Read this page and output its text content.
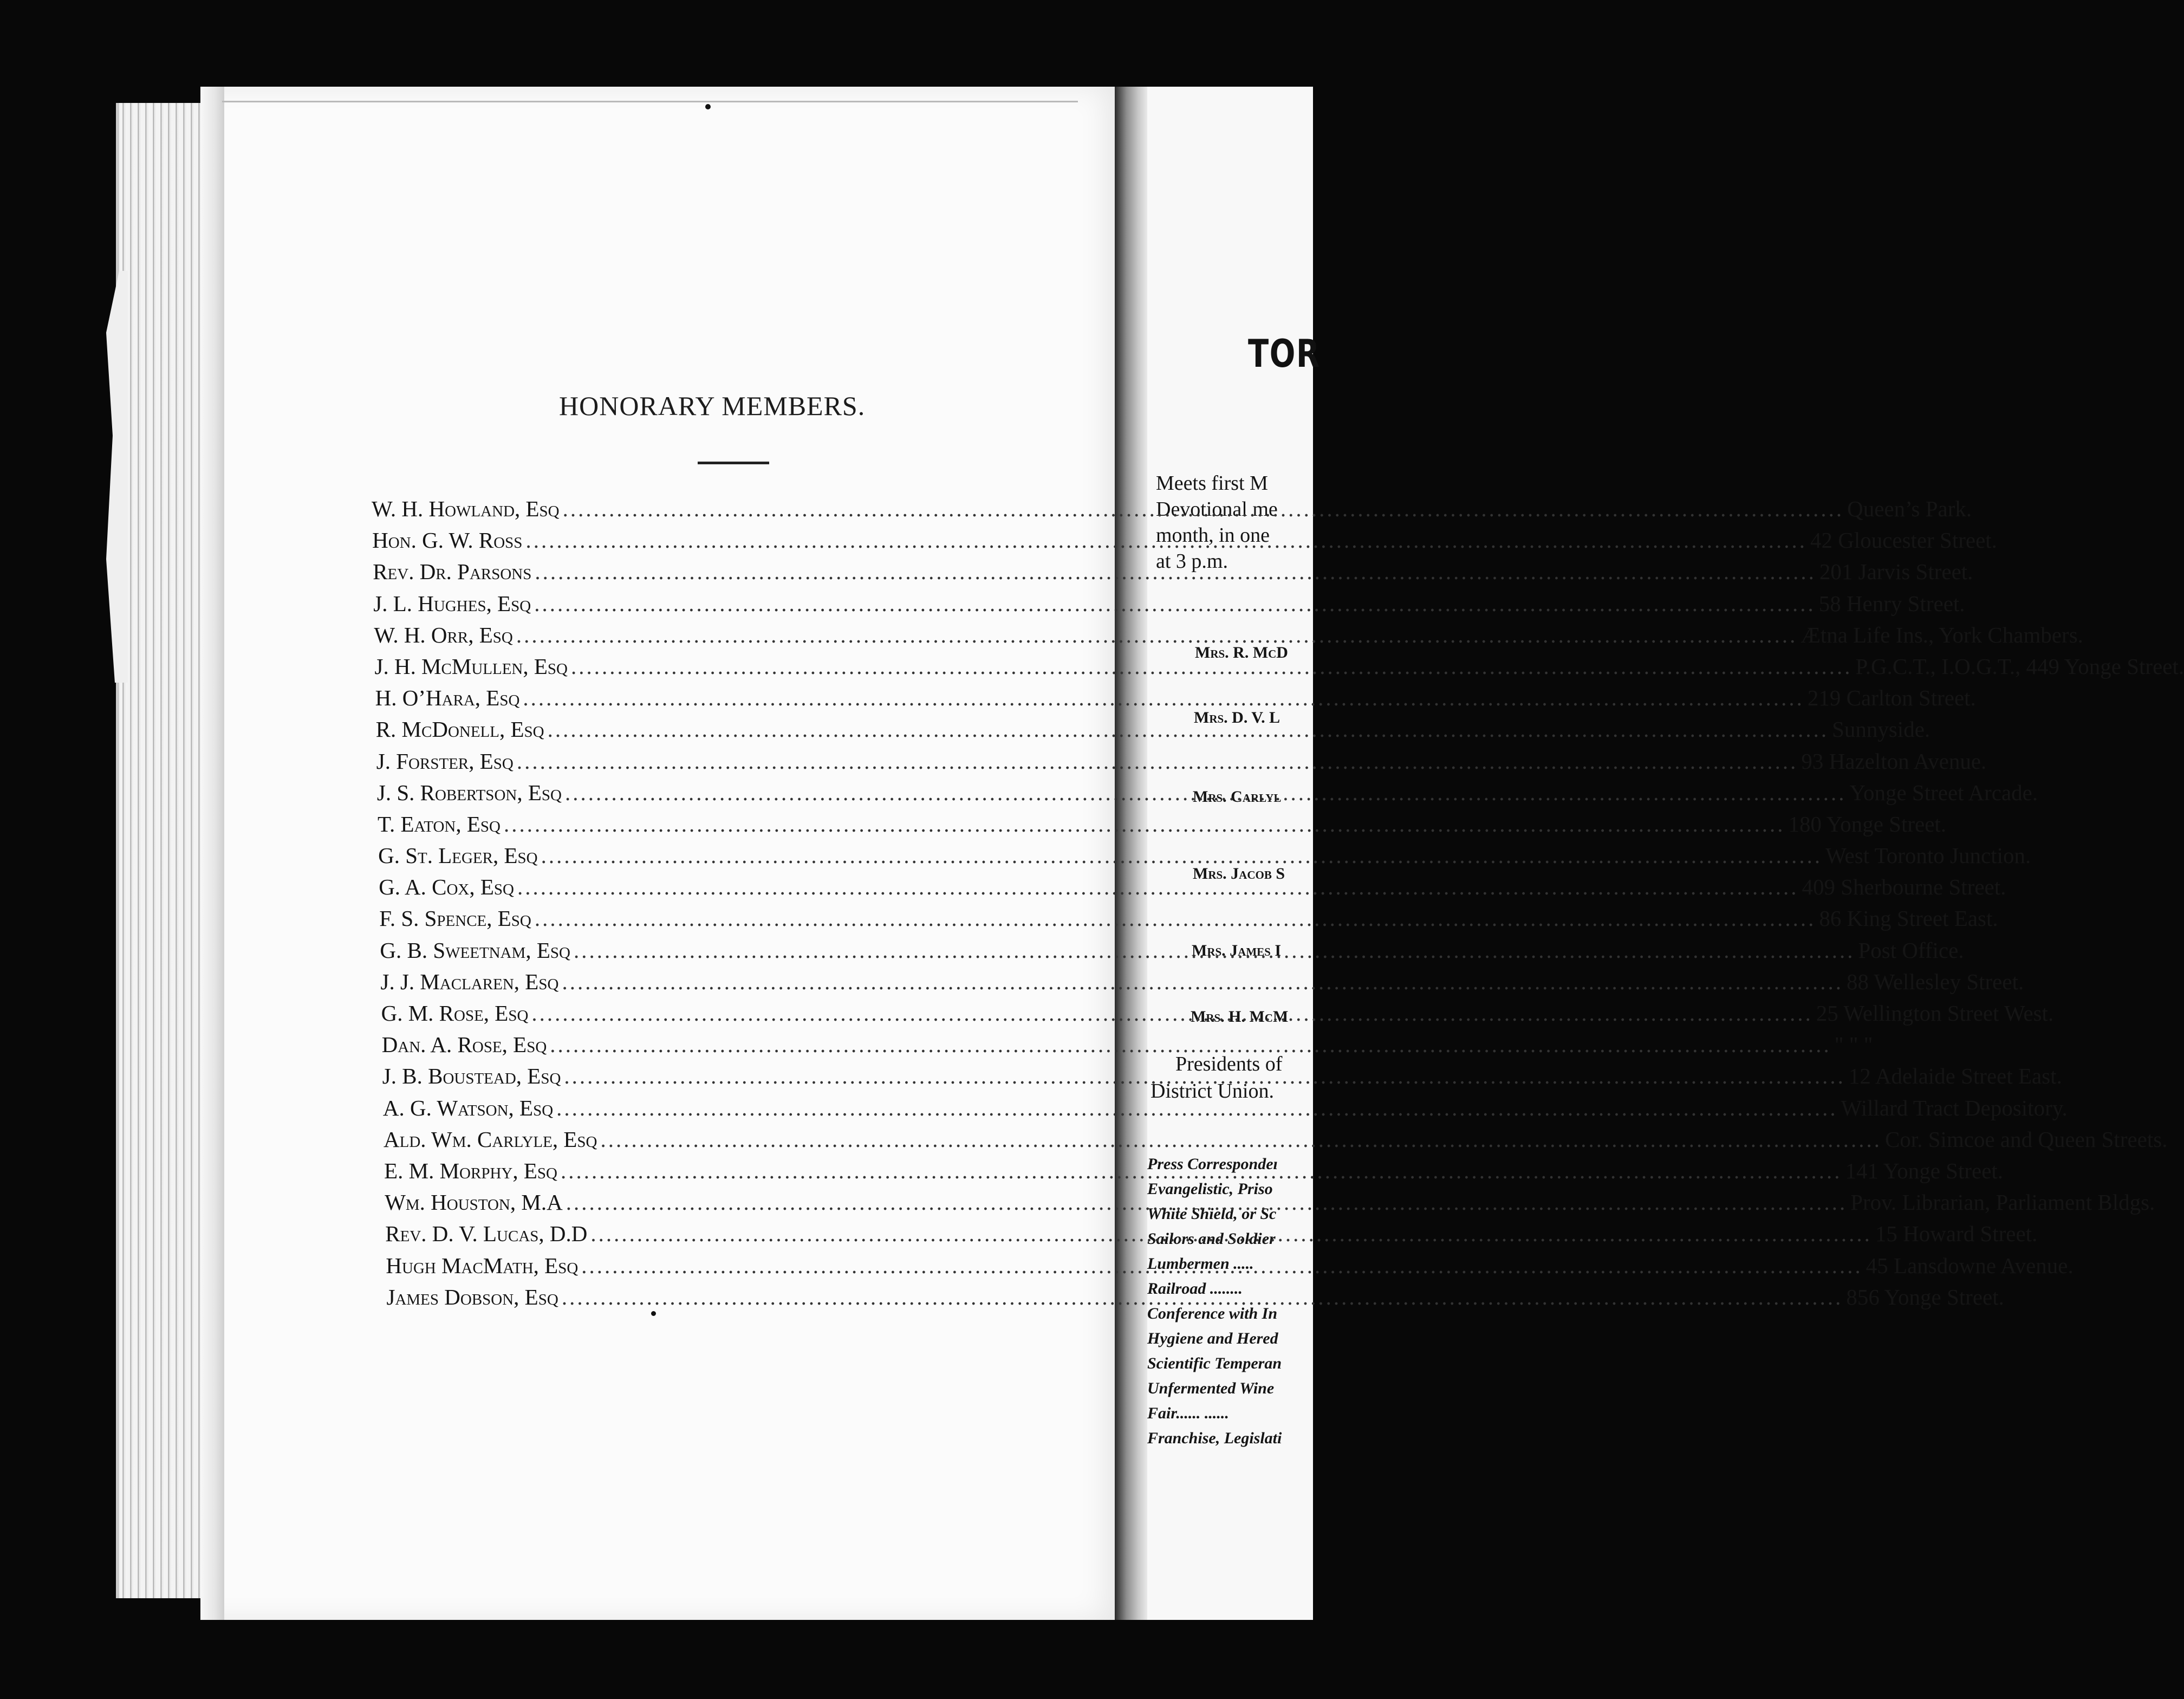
TOR
Meets first M
Devotional me
month, in one
at 3 p.m.
Mrs. R. McD
Mrs. D. V. L
Mrs. Carlyl
Mrs. Jacob S
Mrs. James I
Mrs. H. McM
Presidents of
District Union.
Press Correspondeı
Evangelistic, Priso
White Shield, or Sc
Sailors and Soldier
Lumbermen .....
Railroad ........
Conference with In
Hygiene and Hered
Scientific Temperan
Unfermented Wine
Fair...... ......
Franchise, Legislati
HONORARY MEMBERS.
W. H. Howland, Esq .....	Queen’s Park.
Hon. G. W. Ross .....	42 Gloucester Street.
Rev. Dr. Parsons .....	201 Jarvis Street.
J. L. Hughes, Esq .....	58 Henry Street.
W. H. Orr, Esq .....	Ætna Life Ins., York Chambers.
J. H. McMullen, Esq .....	P.G.C.T., I.O.G.T., 449 Yonge Street.
H. O’Hara, Esq .....	219 Carlton Street.
R. McDonell, Esq .....	Sunnyside.
J. Forster, Esq .....	93 Hazelton Avenue.
J. S. Robertson, Esq .....	Yonge Street Arcade.
T. Eaton, Esq .....	180 Yonge Street.
G. St. Leger, Esq .....	West Toronto Junction.
G. A. Cox, Esq .....	409 Sherbourne Street.
F. S. Spence, Esq .....	86 King Street East.
G. B. Sweetnam, Esq .....	Post Office.
J. J. Maclaren, Esq .....	88 Wellesley Street.
G. M. Rose, Esq .....	25 Wellington Street West.
Dan. A. Rose, Esq .....	" " "
J. B. Boustead, Esq .....	12 Adelaide Street East.
A. G. Watson, Esq .....	Willard Tract Depository.
Ald. Wm. Carlyle, Esq .....	Cor. Simcoe and Queen Streets.
E. M. Morphy, Esq .....	141 Yonge Street.
Wm. Houston, M.A .....	Prov. Librarian, Parliament Bldgs.
Rev. D. V. Lucas, D.D .....	15 Howard Street.
Hugh MacMath, Esq .....	45 Lansdowne Avenue.
James Dobson, Esq .....	856 Yonge Street.
